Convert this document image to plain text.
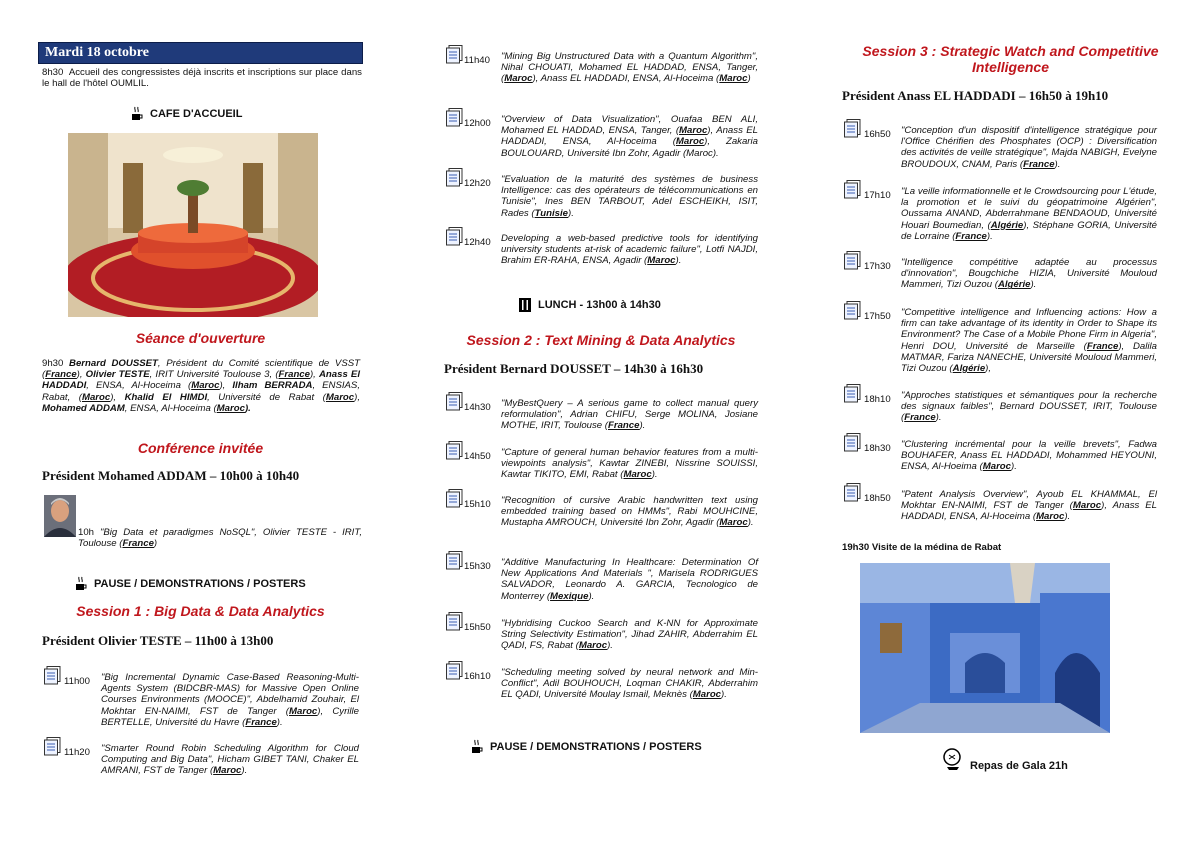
Mardi 18 octobre
8h30 Accueil des congressistes déjà inscrits et inscriptions sur place dans le hall de l'hôtel OUMLIL.
CAFE D'ACCUEIL
Séance d'ouverture
9h30 Bernard DOUSSET, Président du Comité scientifique de VSST (France), Olivier TESTE, IRIT Université Toulouse 3, (France), Anass El HADDADI, ENSA, Al-Hoceima (Maroc), Ilham BERRADA, ENSIAS, Rabat, (Maroc), Khalid El HIMDI, Université de Rabat (Maroc), Mohamed ADDAM, ENSA, Al-Hoceima (Maroc).
Conférence invitée
Président Mohamed ADDAM – 10h00 à 10h40
10h "Big Data et paradigmes NoSQL", Olivier TESTE - IRIT, Toulouse (France)
PAUSE / DEMONSTRATIONS / POSTERS
Session 1 : Big Data & Data Analytics
Président Olivier TESTE – 11h00 à 13h00
11h00 "Big Incremental Dynamic Case-Based Reasoning-Multi-Agents System (BIDCBR-MAS) for Massive Open Online Courses Environments (MOOCE)", Abdelhamid Zouhair, El Mokhtar EN-NAIMI, FST de Tanger (Maroc), Cyrille BERTELLE, Université du Havre (France).
11h20 "Smarter Round Robin Scheduling Algorithm for Cloud Computing and Big Data", Hicham GIBET TANI, Chaker EL AMRANI, FST de Tanger (Maroc).
11h40 "Mining Big Unstructured Data with a Quantum Algorithm", Nihal CHOUATI, Mohamed EL HADDAD, ENSA, Tanger, (Maroc), Anass EL HADDADI, ENSA, Al-Hoceima (Maroc)
12h00 "Overview of Data Visualization", Ouafaa BEN ALI, Mohamed EL HADDAD, ENSA, Tanger, (Maroc), Anass EL HADDADI, ENSA, Al-Hoceima (Maroc), Zakaria BOULOUARD, Université Ibn Zohr, Agadir (Maroc).
12h20 "Evaluation de la maturité des systèmes de business Intelligence: cas des opérateurs de télécommunications en Tunisie", Ines BEN TARBOUT, Adel ESCHEIKH, ISIT, Rades (Tunisie).
12h40 Developing a web-based predictive tools for identifying university students at-risk of academic failure", Lotfi NAJDI, Brahim ER-RAHA, ENSA, Agadir (Maroc).
LUNCH - 13h00 à 14h30
Session 2 : Text Mining & Data Analytics
Président Bernard DOUSSET – 14h30 à 16h30
14h30 "MyBestQuery – A serious game to collect manual query reformulation", Adrian CHIFU, Serge MOLINA, Josiane MOTHE, IRIT, Toulouse (France).
14h50 "Capture of general human behavior features from a multi-viewpoints analysis", Kawtar ZINEBI, Nissrine SOUISSI, Kawtar TIKITO, EMI, Rabat (Maroc).
15h10 "Recognition of cursive Arabic handwritten text using embedded training based on HMMs", Rabi MOUHCINE, Mustapha AMROUCH, Université Ibn Zohr, Agadir (Maroc).
15h30 "Additive Manufacturing In Healthcare: Determination Of New Applications And Materials ", Marisela RODRIGUES SALVADOR, Leonardo A. GARCIA, Tecnologico de Monterrey (Mexique).
15h50 "Hybridising Cuckoo Search and K-NN for Approximate String Selectivity Estimation", Jihad ZAHIR, Abderrahim EL QADI, FS, Rabat (Maroc).
16h10 "Scheduling meeting solved by neural network and Min-Conflict", Adil BOUHOUCH, Loqman CHAKIR, Abderrahim EL QADI, Université Moulay Ismail, Meknès (Maroc).
PAUSE / DEMONSTRATIONS / POSTERS
Session 3 : Strategic Watch and Competitive Intelligence
Président Anass EL HADDADI – 16h50 à 19h10
16h50 "Conception d'un dispositif d'intelligence stratégique pour l'Office Chérifien des Phosphates (OCP) : Diversification des activités de veille stratégique", Majda NABIGH, Evelyne BROUDOUX, CNAM, Paris (France).
17h10 "La veille informationnelle et le Crowdsourcing pour L'étude, la promotion et le suivi du géopatrimoine Algérien", Oussama ANAND, Abderrahmane BENDAOUD, Université Houari Boumedian, (Algérie), Stéphane GORIA, Université de Lorraine (France).
17h30 "Intelligence compétitive adaptée au processus d'innovation", Bougchiche HIZIA, Université Mouloud Mammeri, Tizi Ouzou (Algérie).
17h50 "Competitive intelligence and Influencing actions: How a firm can take advantage of its identity in Order to Shape its Environment? The Case of a Mobile Phone Firm in Algeria", Henri DOU, Université de Marseille (France), Dalila MATMAR, Fariza NANECHE, Université Mouloud Mammeri, Tizi Ouzou (Algérie),
18h10 "Approches statistiques et sémantiques pour la recherche des signaux faibles", Bernard DOUSSET, IRIT, Toulouse (France).
18h30 "Clustering incrémental pour la veille brevets", Fadwa BOUHAFER, Anass EL HADDADI, Mohammed HEYOUNI, ENSA, Al-Hoeima (Maroc).
18h50 "Patent Analysis Overview", Ayoub EL KHAMMAL, El Mokhtar EN-NAIMI, FST de Tanger (Maroc), Anass EL HADDADI, ENSA, Al-Hoceima (Maroc).
19h30 Visite de la médina de Rabat
Repas de Gala 21h
